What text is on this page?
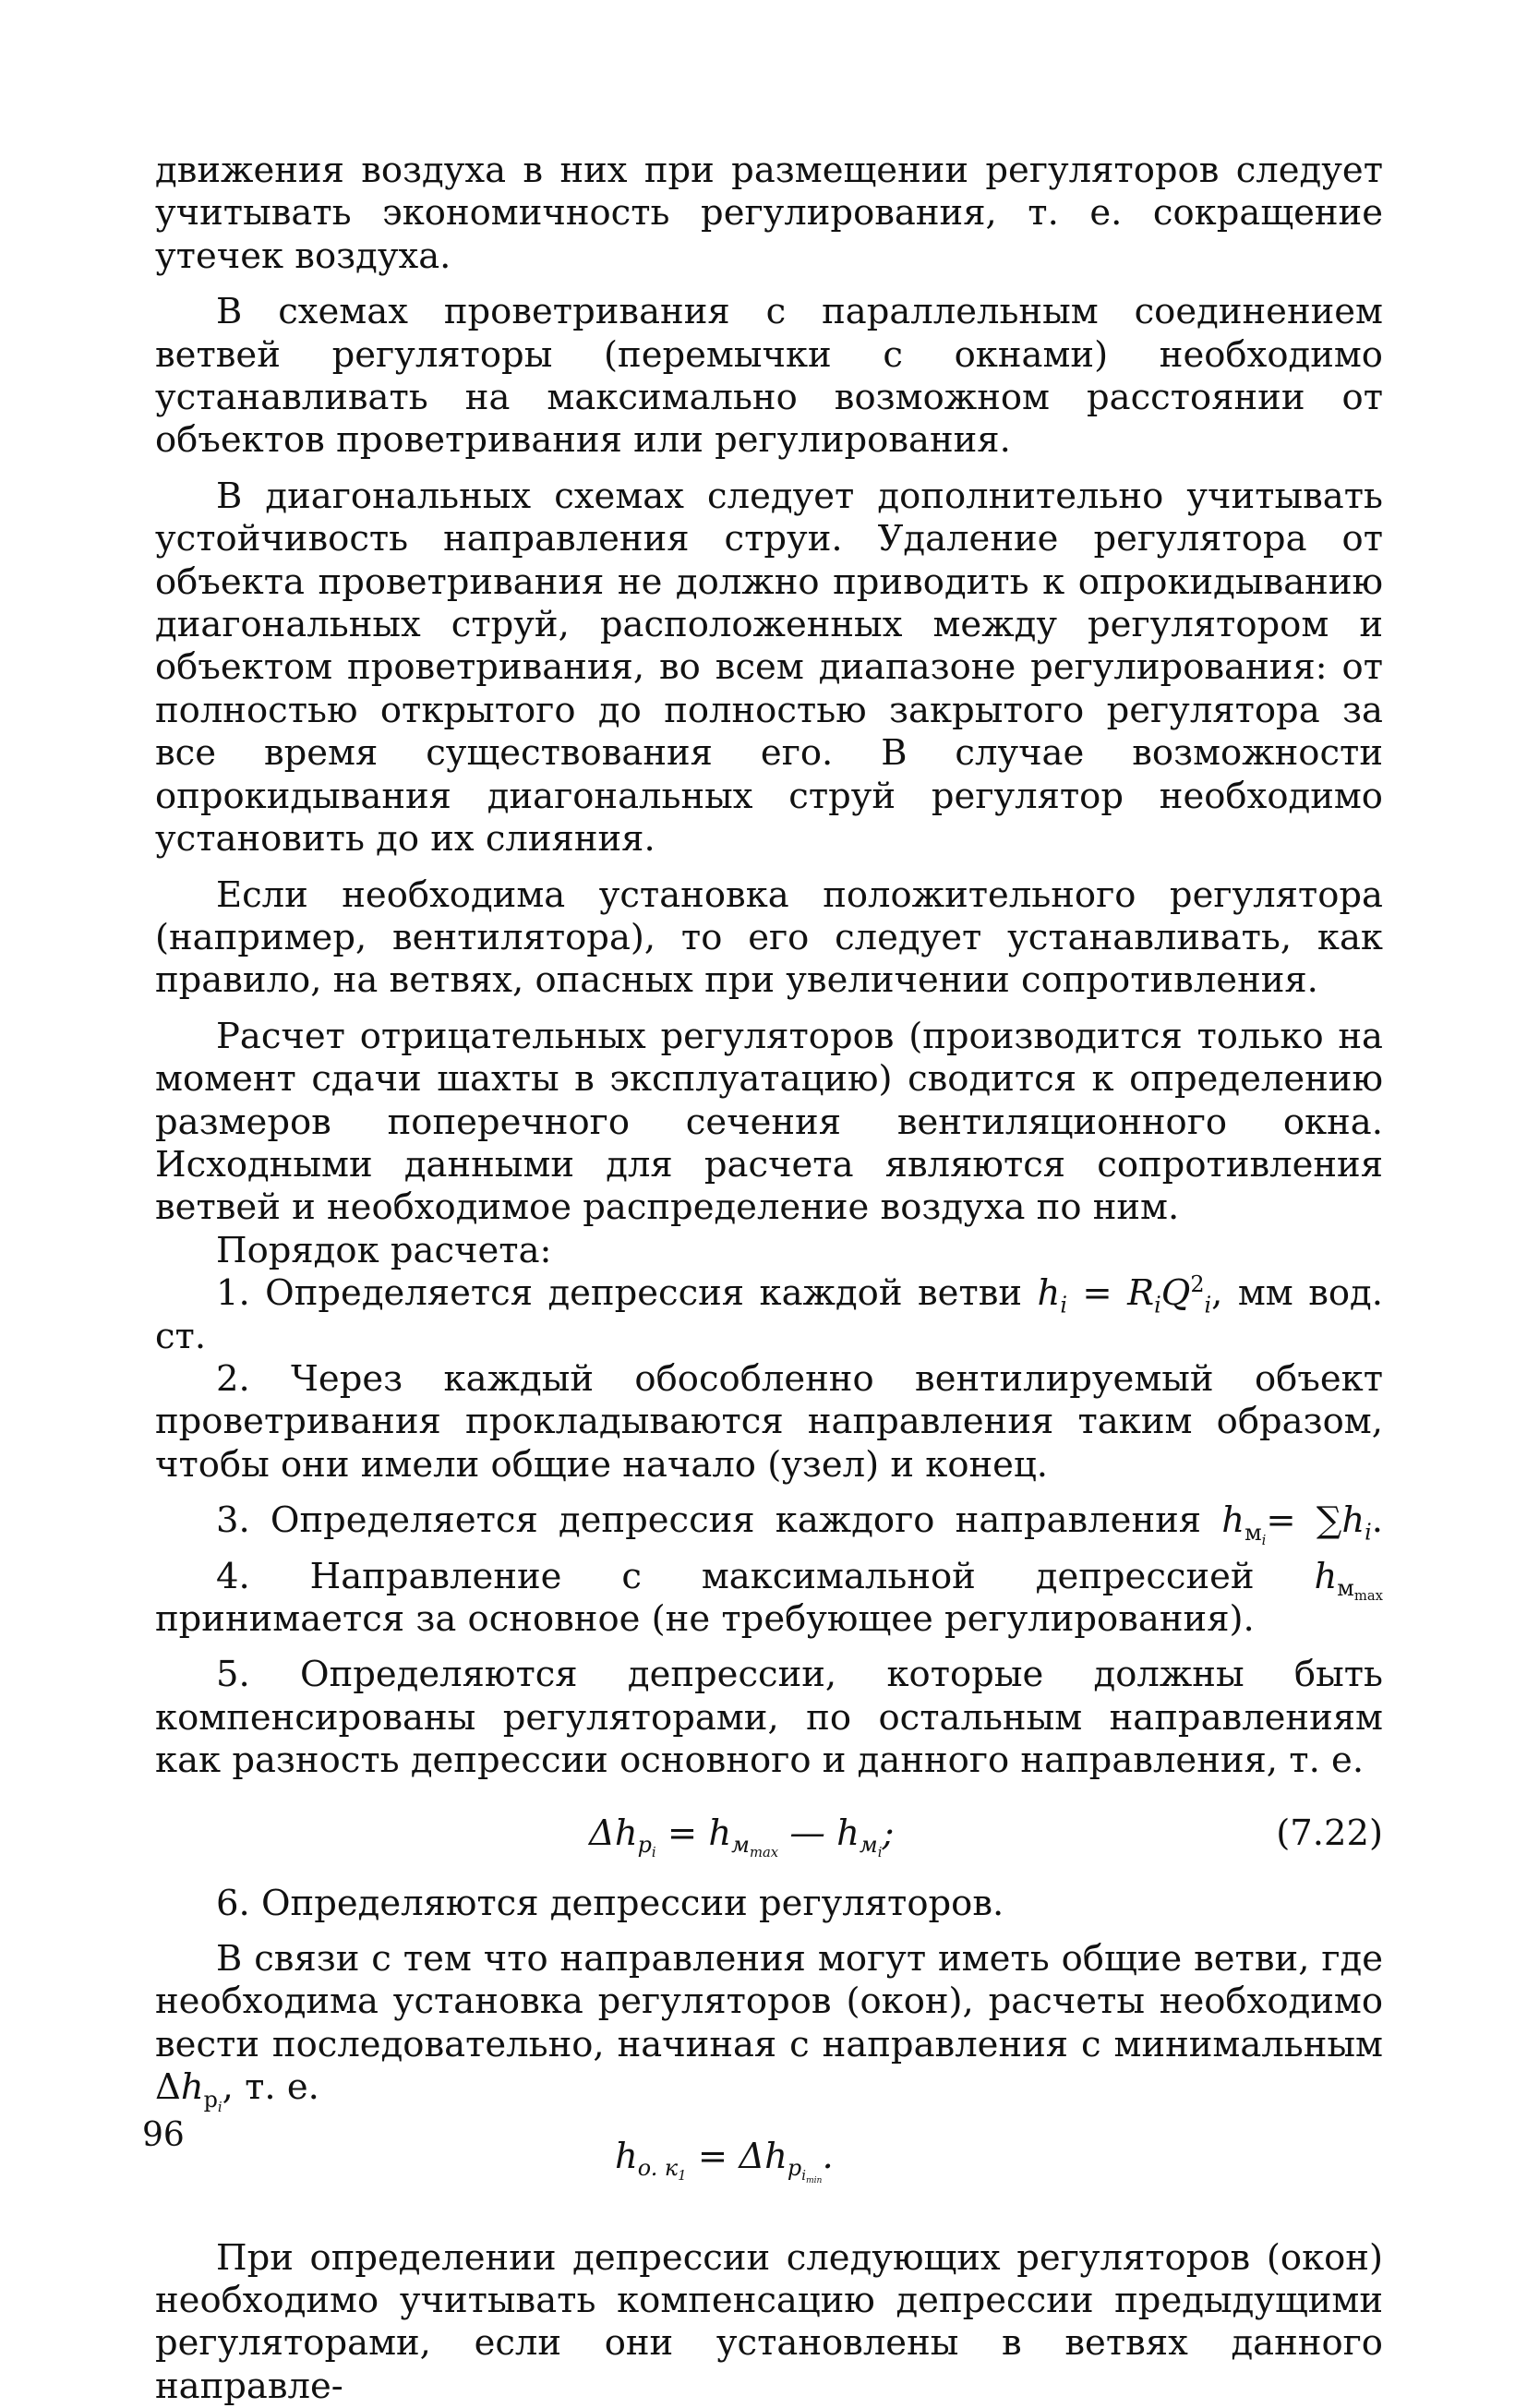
движения воздуха в них при размещении регуляторов следует учитывать экономичность регулирования, т. е. сокращение утечек воздуха.

В схемах проветривания с параллельным соединением ветвей регуляторы (перемычки с окнами) необходимо устанавливать на максимально возможном расстоянии от объектов проветривания или регулирования.

В диагональных схемах следует дополнительно учитывать устойчивость направления струи. Удаление регулятора от объекта проветривания не должно приводить к опрокидыванию диагональных струй, расположенных между регулятором и объектом проветривания, во всем диапазоне регулирования: от полностью открытого до полностью закрытого регулятора за все время существования его. В случае возможности опрокидывания диагональных струй регулятор необходимо установить до их слияния.

Если необходима установка положительного регулятора (например, вентилятора), то его следует устанавливать, как правило, на ветвях, опасных при увеличении сопротивления.

Расчет отрицательных регуляторов (производится только на момент сдачи шахты в эксплуатацию) сводится к определению размеров поперечного сечения вентиляционного окна. Исходными данными для расчета являются сопротивления ветвей и необходимое распределение воздуха по ним.

Порядок расчета:

1. Определяется депрессия каждой ветви $h_i = R_iQ^2_i$, мм вод. ст.

2. Через каждый обособленно вентилируемый объект проветривания прокладываются направления таким образом, чтобы они имели общие начало (узел) и конец.

3. Определяется депрессия каждого направления $h_{м_i}= \sum h_i$.

4. Направление с максимальной депрессией $h_{м_{max}}$ принимается за основное (не требующее регулирования).

5. Определяются депрессии, которые должны быть компенсированы регуляторами, по остальным направлениям как разность депрессии основного и данного направления, т. е.

$\Delta h_{p_i} = h_{м_{max}}$ — $h_{м_i}$;	(7.22)

6. Определяются депрессии регуляторов.

В связи с тем что направления могут иметь общие ветви, где необходима установка регуляторов (окон), расчеты необходимо вести последовательно, начиная с направления с минимальным $\Delta h_{p_i}$, т. е.

$h_{o. к_1} = \Delta h_{p_{i_{min}}}$.

При определении депрессии следующих регуляторов (окон) необходимо учитывать компенсацию депрессии предыдущими регуляторами, если они установлены в ветвях данного направле-

96
